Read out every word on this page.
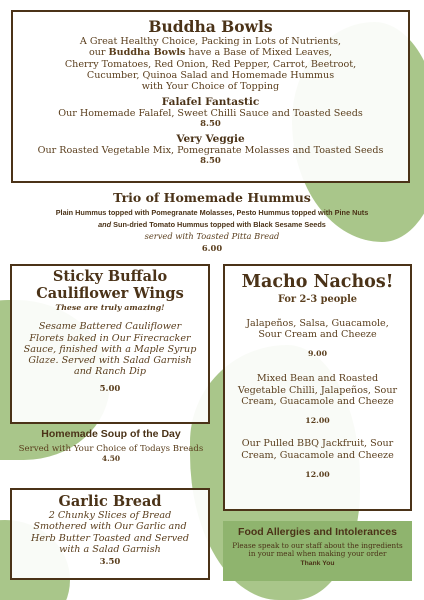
Buddha Bowls

A Great Healthy Choice, Packing in Lots of Nutrients,

our Buddha Bowls have a Base of Mixed Leaves,

Cherry Tomatoes, Red Onion, Red Pepper, Carrot, Beetroot,

Cucumber, Quinoa Salad and Homemade Hummus

with Your Choice of Topping

Falafel Fantastic

Our Homemade Falafel, Sweet Chilli Sauce and Toasted Seeds

8.50

Very Veggie

Our Roasted Vegetable Mix, Pomegranate Molasses and Toasted Seeds

8.50

Trio of Homemade Hummus

Plain Hummus topped with Pomegranate Molasses, Pesto Hummus topped with Pine Nuts

and Sun-dried Tomato Hummus topped with Black Sesame Seeds

served with Toasted Pitta Bread

6.00

Sticky Buffalo
Cauliflower Wings

These are truly amazing!

Sesame Battered Cauliflower

Florets baked in Our Firecracker

Sauce, finished with a Maple Syrup

Glaze. Served with Salad Garnish

and Ranch Dip

5.00

Homemade Soup of the Day

Served with Your Choice of Todays Breads

4.50

Garlic Bread

2 Chunky Slices of Bread

Smothered with Our Garlic and

Herb Butter Toasted and Served

with a Salad Garnish

3.50

Macho Nachos!

For 2-3 people

Jalapeños, Salsa, Guacamole,

Sour Cream and Cheeze

9.00

Mixed Bean and Roasted

Vegetable Chilli, Jalapeños, Sour

Cream, Guacamole and Cheeze

12.00

Our Pulled BBQ Jackfruit, Sour

Cream, Guacamole and Cheeze

12.00

Food Allergies and Intolerances

Please speak to our staff about the ingredients

in your meal when making your order

Thank You
